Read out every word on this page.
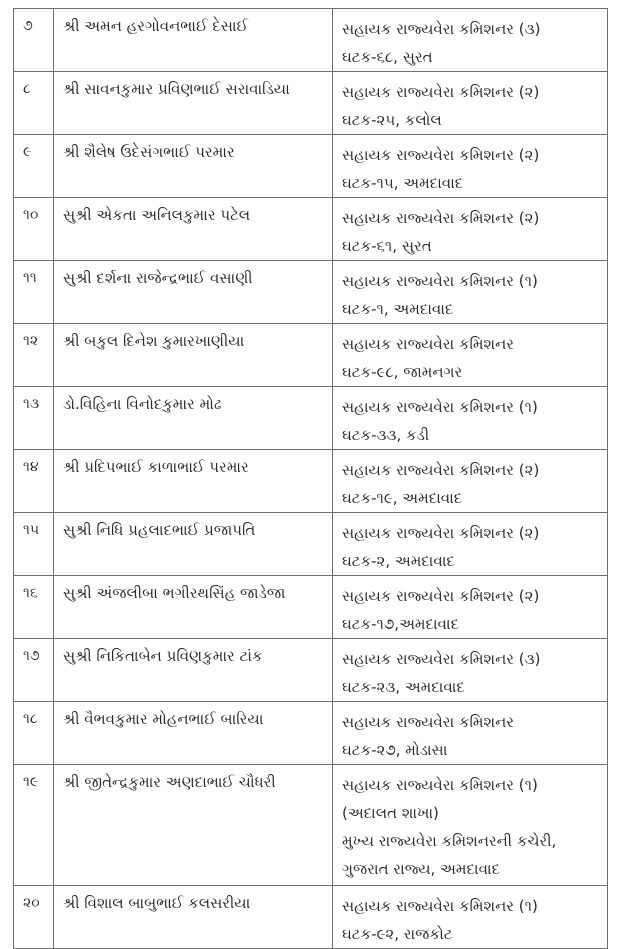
૭	શ્રી અમન હરગોવનભાઈ દેસાઈ	સહાયક રાજ્યવેરા કમિશનર (૩)
ઘટક-૬૮, સુરત

૮	શ્રી સાવનકુમાર પ્રવિણભાઈ સરાવાડિયા	સહાયક રાજ્યવેરા કમિશનર (૨)
ઘટક-૨૫, કલોલ

૯	શ્રી શૈલેષ ઉદેસંગભાઈ પરમાર	સહાયક રાજ્યવેરા કમિશનર (૨)
ઘટક-૧૫, અમદાવાદ

૧૦	સુશ્રી એકતા અનિલકુમાર પટેલ	સહાયક રાજ્યવેરા કમિશનર (૨)
ઘટક-૬૧, સુરત

૧૧	સુશ્રી દર્શના રાજેન્દ્રભાઈ વસાણી	સહાયક રાજ્યવેરા કમિશનર (૧)
ઘટક-૧, અમદાવાદ

૧૨	શ્રી બકુલ દિનેશ કુમારખાણીયા	સહાયક રાજ્યવેરા કમિશનર
ઘટક-૯૮, જામનગર

૧૩	ડો.વિહિના વિનોદકુમાર મોઢ	સહાયક રાજ્યવેરા કમિશનર (૧)
ઘટક-૩૩, કડી

૧૪	શ્રી પ્રદિપભાઈ કાળાભાઈ પરમાર	સહાયક રાજ્યવેરા કમિશનર (૨)
ઘટક-૧૯, અમદાવાદ

૧૫	સુશ્રી નિધિ પ્રહલાદભાઈ પ્રજાપતિ	સહાયક રાજ્યવેરા કમિશનર (૨)
ઘટક-૨, અમદાવાદ

૧૬	સુશ્રી અંજલીબા ભગીરથસિંહ જાડેજા	સહાયક રાજ્યવેરા કમિશનર (૨)
ઘટક-૧૭,અમદાવાદ

૧૭	સુશ્રી નિકિતાબેન પ્રવિણકુમાર ટાંક	સહાયક રાજ્યવેરા કમિશનર (૩)
ઘટક-૨૩, અમદાવાદ

૧૮	શ્રી વૈભવકુમાર મોહનભાઈ બારિયા	સહાયક રાજ્યવેરા કમિશનર
ઘટક-૨૭, મોડાસા

૧૯	શ્રી જીતેન્દ્રકુમાર અણદાભાઈ ચૌધરી	સહાયક રાજ્યવેરા કમિશનર (૧)
(અદાલત શાખા)
મુખ્ય રાજ્યવેરા કમિશનરની કચેરી,
ગુજરાત રાજ્ય, અમદાવાદ

૨૦	શ્રી વિશાલ બાબુભાઈ કલસરીયા	સહાયક રાજ્યવેરા કમિશનર (૧)
ઘટક-૯૨, રાજકોટ
